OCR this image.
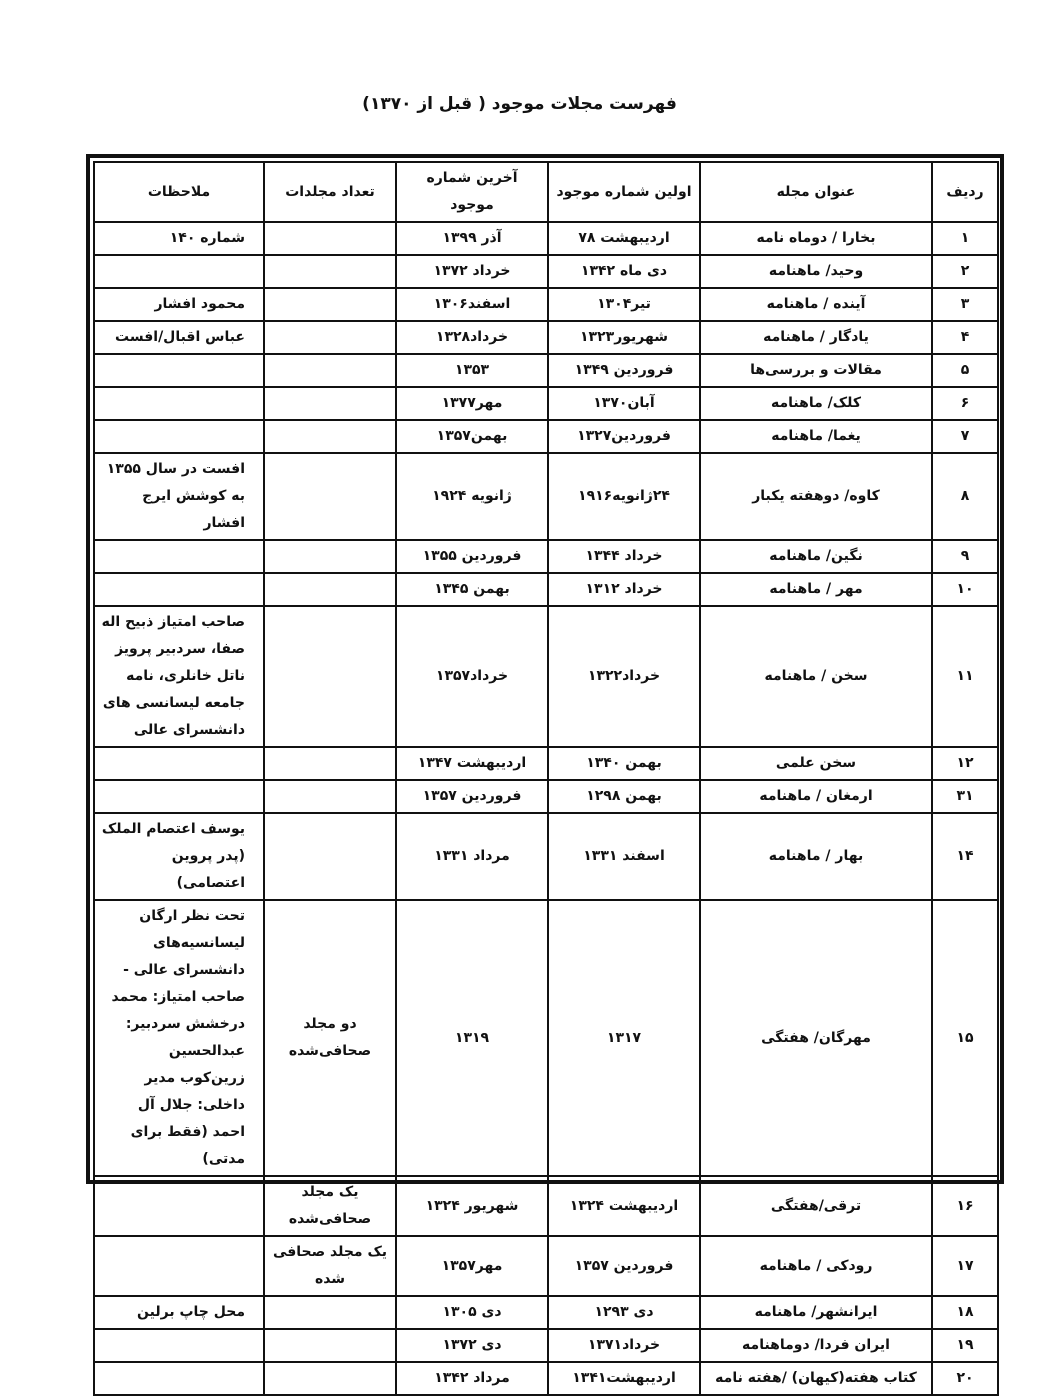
فهرست مجلات موجود ( قبل از ۱۳۷۰)
ردیف	عنوان مجله	اولین شماره موجود	آخرین شماره موجود	تعداد مجلدات	ملاحظات
۱	بخارا / دوماه نامه	اردیبهشت ۷۸	آذر ۱۳۹۹		شماره ۱۴۰
۲	وحید/ ماهنامه	دی ماه ۱۳۴۲	خرداد ۱۳۷۲		
۳	آینده / ماهنامه	تیر۱۳۰۴	اسفند۱۳۰۶		محمود افشار
۴	یادگار / ماهنامه	شهریور۱۳۲۳	خرداد۱۳۲۸		عباس اقبال/افست
۵	مقالات و بررسی‌ها	فروردین ۱۳۴۹	۱۳۵۳		
۶	کلک/ ماهنامه	آبان۱۳۷۰	مهر۱۳۷۷		
۷	یغما/ ماهنامه	فروردین۱۳۲۷	بهمن۱۳۵۷		
۸	کاوه/ دوهفته یکبار	۲۴ژانویه۱۹۱۶	ژانویه ۱۹۲۴		افست در سال ۱۳۵۵ به کوشش ایرج افشار
۹	نگین/ ماهنامه	خرداد ۱۳۴۴	فروردین ۱۳۵۵		
۱۰	مهر / ماهنامه	خرداد ۱۳۱۲	بهمن ۱۳۴۵		
۱۱	سخن / ماهنامه	خرداد۱۳۲۲	خرداد۱۳۵۷		صاحب امتیاز ذبیح اله صفا، سردبیر پرویز ناتل خانلری، نامه جامعه لیسانسی های دانشسرای عالی
۱۲	سخن علمی	بهمن ۱۳۴۰	اردیبهشت ۱۳۴۷		
۳۱	ارمغان / ماهنامه	بهمن ۱۲۹۸	فروردین ۱۳۵۷		
۱۴	بهار / ماهنامه	اسفند ۱۳۳۱	مرداد ۱۳۳۱		یوسف اعتصام الملک (پدر پروین اعتصامی)
۱۵	مهرگان/ هفتگی	۱۳۱۷	۱۳۱۹	دو مجلد صحافی‌شده	تحت نظر ارگان لیسانسیه‌های دانشسرای عالی - صاحب امتیاز: محمد درخشش سردبیر: عبدالحسین زرین‌کوب مدیر داخلی: جلال آل احمد (فقط برای مدتی)
۱۶	ترقی/هفتگی	اردیبهشت ۱۳۲۴	شهریور ۱۳۲۴	یک مجلد صحافی‌شده	
۱۷	رودکی / ماهنامه	فروردین ۱۳۵۷	مهر۱۳۵۷	یک مجلد صحافی شده	
۱۸	ایرانشهر/ ماهنامه	دی ۱۲۹۳	دی ۱۳۰۵		محل چاپ برلین
۱۹	ایران فردا/ دوماهنامه	خرداد۱۳۷۱	دی ۱۳۷۲		
۲۰	کتاب هفته(کیهان) /هفته نامه	اردیبهشت۱۳۴۱	مرداد ۱۳۴۲		
